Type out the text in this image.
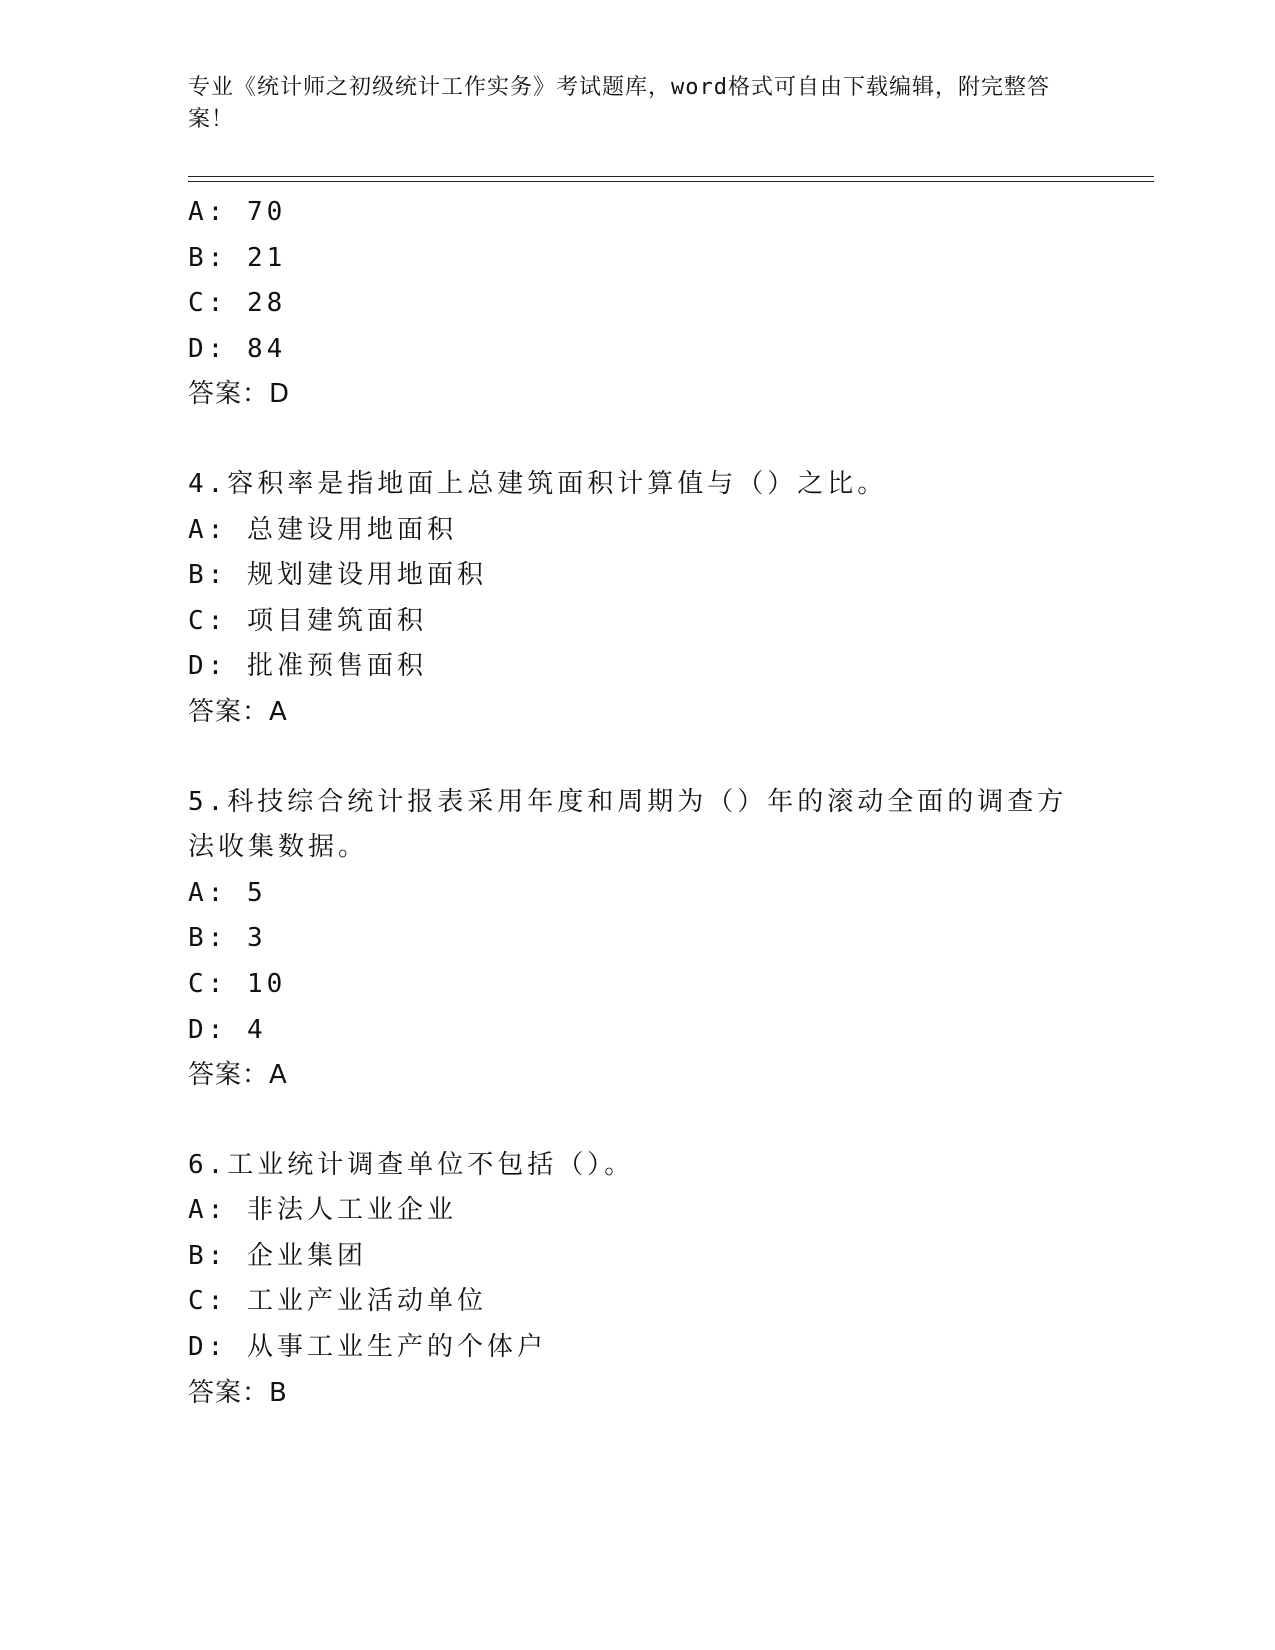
专业《统计师之初级统计工作实务》考试题库，word格式可自由下载编辑，附完整答案！
A: 70
B: 21
C: 28
D: 84
答案：D
4.容积率是指地面上总建筑面积计算值与（）之比。
A: 总建设用地面积
B: 规划建设用地面积
C: 项目建筑面积
D: 批准预售面积
答案：A
5.科技综合统计报表采用年度和周期为（）年的滚动全面的调查方法收集数据。
A: 5
B: 3
C: 10
D: 4
答案：A
6.工业统计调查单位不包括（）。
A: 非法人工业企业
B: 企业集团
C: 工业产业活动单位
D: 从事工业生产的个体户
答案：B
